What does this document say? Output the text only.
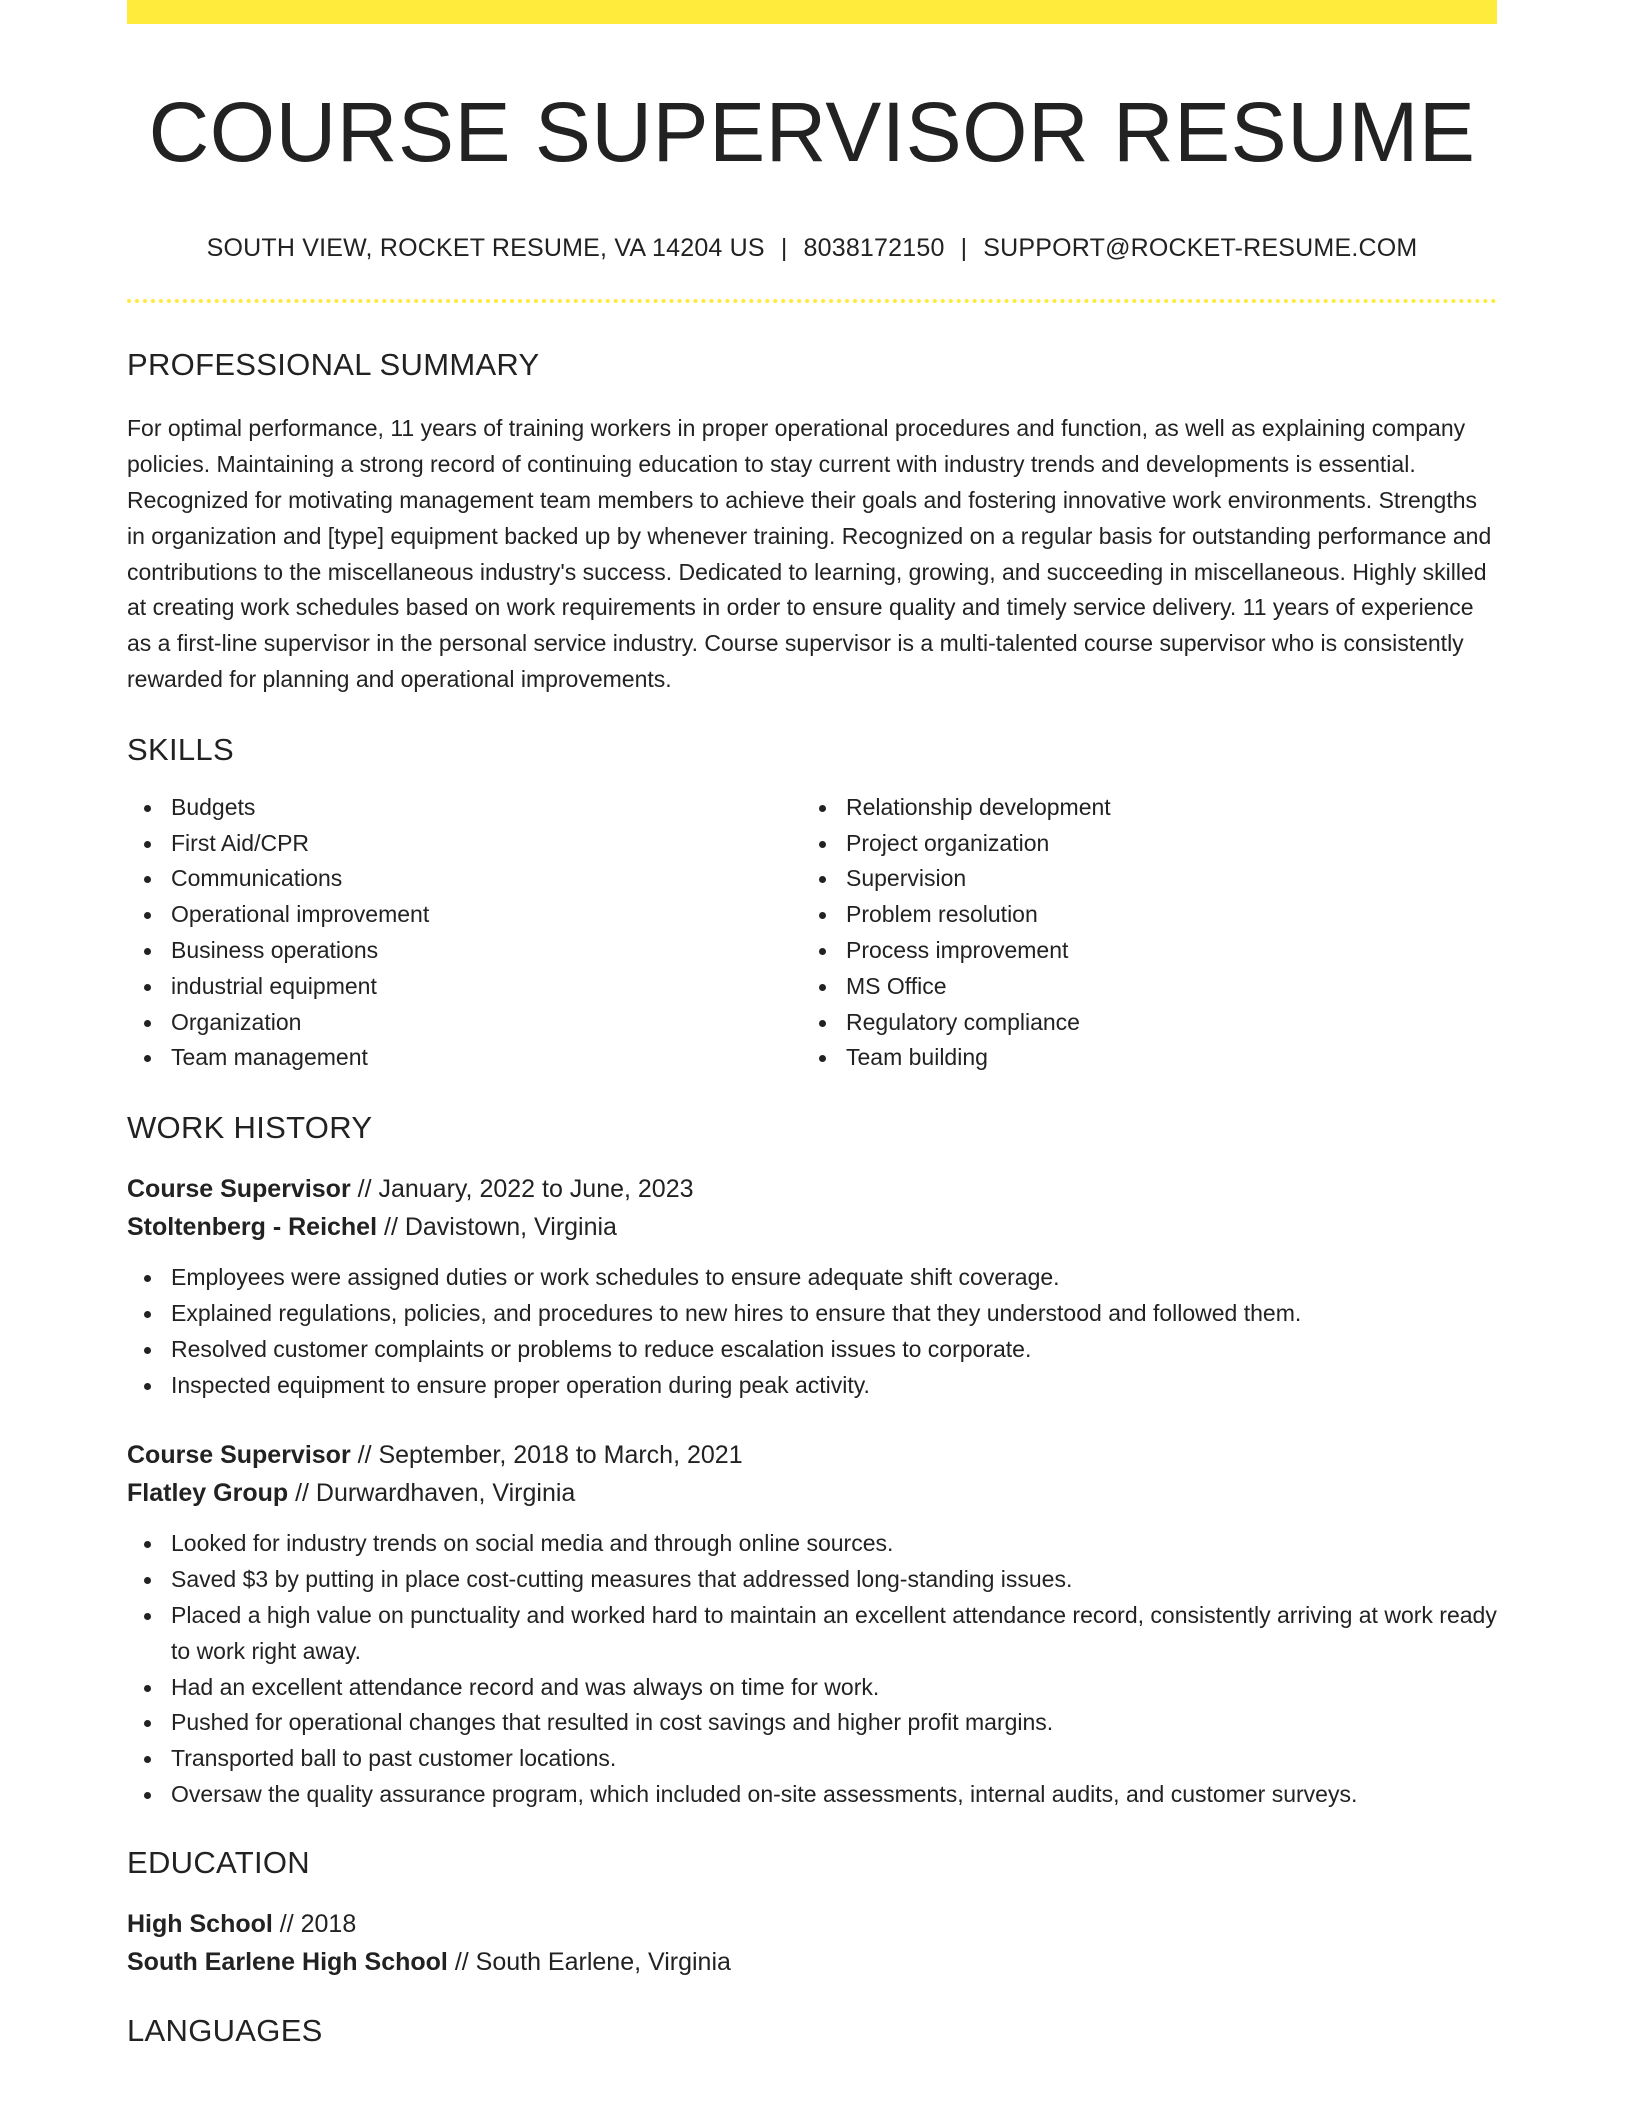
COURSE SUPERVISOR RESUME
SOUTH VIEW, ROCKET RESUME, VA 14204 US | 8038172150 | SUPPORT@ROCKET-RESUME.COM
PROFESSIONAL SUMMARY

For optimal performance, 11 years of training workers in proper operational procedures and function, as well as explaining company policies. Maintaining a strong record of continuing education to stay current with industry trends and developments is essential. Recognized for motivating management team members to achieve their goals and fostering innovative work environments. Strengths in organization and [type] equipment backed up by whenever training. Recognized on a regular basis for outstanding performance and contributions to the miscellaneous industry's success. Dedicated to learning, growing, and succeeding in miscellaneous. Highly skilled at creating work schedules based on work requirements in order to ensure quality and timely service delivery. 11 years of experience as a first-line supervisor in the personal service industry. Course supervisor is a multi-talented course supervisor who is consistently rewarded for planning and operational improvements.

SKILLS
Budgets
First Aid/CPR
Communications
Operational improvement
Business operations
industrial equipment
Organization
Team management
Relationship development
Project organization
Supervision
Problem resolution
Process improvement
MS Office
Regulatory compliance
Team building
WORK HISTORY
Course Supervisor // January, 2022 to June, 2023
Stoltenberg - Reichel // Davistown, Virginia
Employees were assigned duties or work schedules to ensure adequate shift coverage.
Explained regulations, policies, and procedures to new hires to ensure that they understood and followed them.
Resolved customer complaints or problems to reduce escalation issues to corporate.
Inspected equipment to ensure proper operation during peak activity.
Course Supervisor // September, 2018 to March, 2021
Flatley Group // Durwardhaven, Virginia
Looked for industry trends on social media and through online sources.
Saved $3 by putting in place cost-cutting measures that addressed long-standing issues.
Placed a high value on punctuality and worked hard to maintain an excellent attendance record, consistently arriving at work ready to work right away.
Had an excellent attendance record and was always on time for work.
Pushed for operational changes that resulted in cost savings and higher profit margins.
Transported ball to past customer locations.
Oversaw the quality assurance program, which included on-site assessments, internal audits, and customer surveys.
EDUCATION
High School // 2018
South Earlene High School // South Earlene, Virginia
LANGUAGES
